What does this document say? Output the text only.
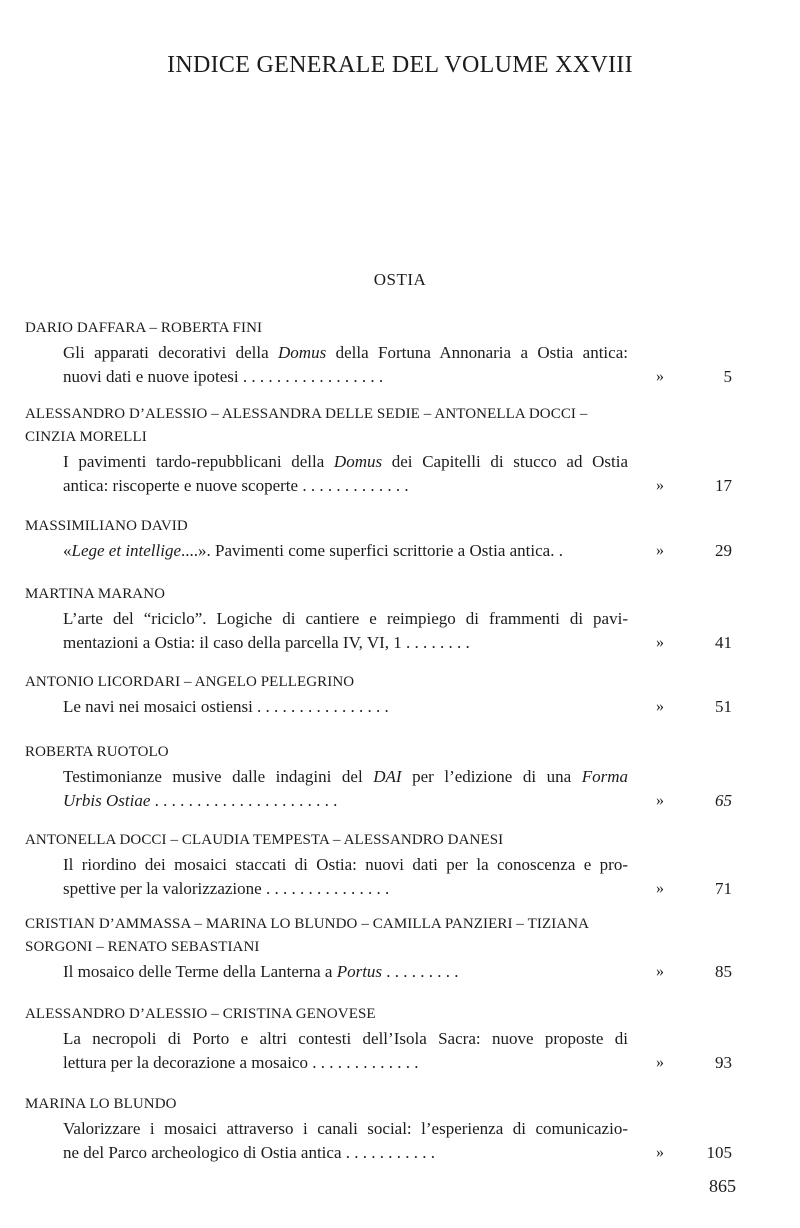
INDICE GENERALE DEL VOLUME XXVIII
OSTIA
DARIO DAFFARA – ROBERTA FINI
Gli apparati decorativi della Domus della Fortuna Annonaria a Ostia antica:
nuovi dati e nuove ipotesi . . . . . . . . . . . . . . . . .	»	5
ALESSANDRO D’ALESSIO – ALESSANDRA DELLE SEDIE – ANTONELLA DOCCI –
CINZIA MORELLI
I pavimenti tardo-repubblicani della Domus dei Capitelli di stucco ad Ostia
antica: riscoperte e nuove scoperte . . . . . . . . . . . . .	»	17
MASSIMILIANO DAVID
«Lege et intellige....». Pavimenti come superfici scrittorie a Ostia antica. .	»	29
MARTINA MARANO
L’arte del “riciclo”. Logiche di cantiere e reimpiego di frammenti di pavi-
mentazioni a Ostia: il caso della parcella IV, VI, 1 . . . . . . . .	»	41
ANTONIO LICORDARI – ANGELO PELLEGRINO
Le navi nei mosaici ostiensi . . . . . . . . . . . . . . . .	»	51
ROBERTA RUOTOLO
Testimonianze musive dalle indagini del DAI per l’edizione di una Forma
Urbis Ostiae . . . . . . . . . . . . . . . . . . . . . .	»	65
ANTONELLA DOCCI – CLAUDIA TEMPESTA – ALESSANDRO DANESI
Il riordino dei mosaici staccati di Ostia: nuovi dati per la conoscenza e pro-
spettive per la valorizzazione . . . . . . . . . . . . . . .	»	71
CRISTIAN D’AMMASSA – MARINA LO BLUNDO – CAMILLA PANZIERI – TIZIANA
SORGONI – RENATO SEBASTIANI
Il mosaico delle Terme della Lanterna a Portus . . . . . . . . .	»	85
ALESSANDRO D’ALESSIO – CRISTINA GENOVESE
La necropoli di Porto e altri contesti dell’Isola Sacra: nuove proposte di
lettura per la decorazione a mosaico . . . . . . . . . . . . .	»	93
MARINA LO BLUNDO
Valorizzare i mosaici attraverso i canali social: l’esperienza di comunicazio-
ne del Parco archeologico di Ostia antica . . . . . . . . . . .	»	105
865
